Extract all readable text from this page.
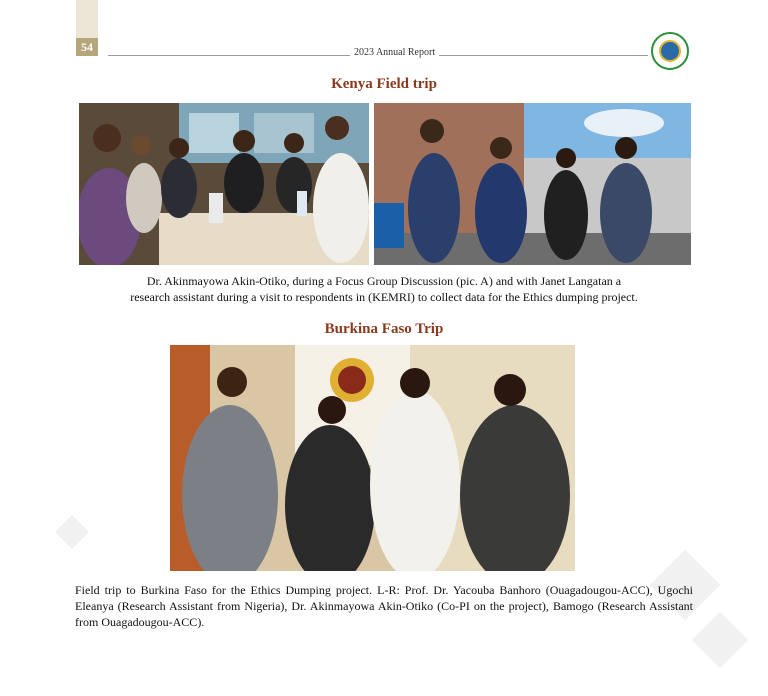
54	2023 Annual Report
Kenya Field trip
Dr. Akinmayowa Akin-Otiko, during a Focus Group Discussion (pic. A) and with Janet Langatan a
research assistant during a visit to respondents in (KEMRI) to collect data for the Ethics dumping project.
Burkina Faso Trip
Field trip to Burkina Faso for the Ethics Dumping project. L-R: Prof. Dr. Yacouba Banhoro (Ouagadougou-ACC), Ugochi Eleanya (Research Assistant from Nigeria), Dr. Akinmayowa Akin-Otiko (Co-PI on the project), Bamogo (Research Assistant from Ouagadougou-ACC).
